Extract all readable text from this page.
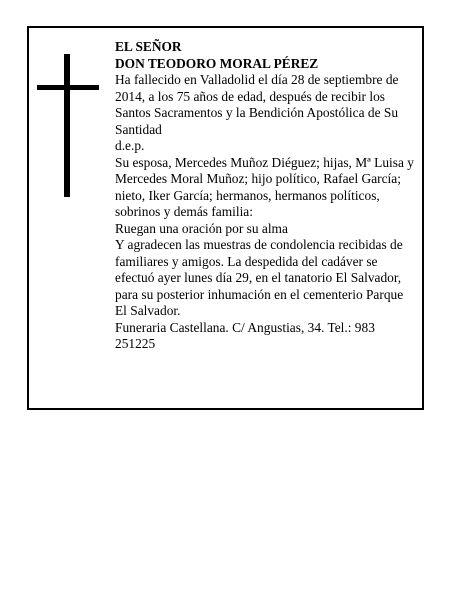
EL SEÑOR

DON TEODORO MORAL PÉREZ

Ha fallecido en Valladolid el día 28 de septiembre de 2014, a los 75 años de edad, después de recibir los Santos Sacramentos y la Bendición Apostólica de Su Santidad

d.e.p.

Su esposa, Mercedes Muñoz Diéguez; hijas, Mª Luisa y Mercedes Moral Muñoz; hijo político, Rafael García; nieto, Iker García; hermanos, hermanos políticos, sobrinos y demás familia:

Ruegan una oración por su alma

Y agradecen las muestras de condolencia recibidas de familiares y amigos. La despedida del cadáver se efectuó ayer lunes día 29, en el tanatorio El Salvador, para su posterior inhumación en el cementerio Parque El Salvador.

Funeraria Castellana. C/ Angustias, 34. Tel.: 983 251225
